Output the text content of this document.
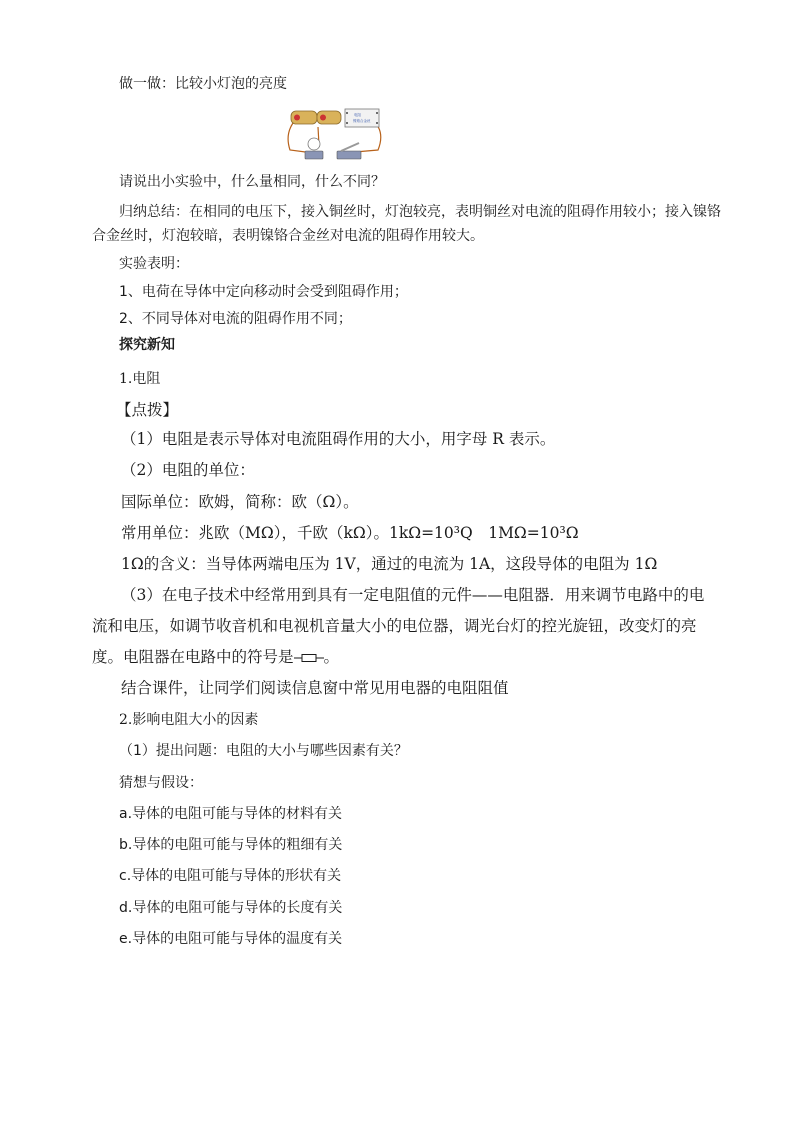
做一做：比较小灯泡的亮度

电阻
镍铬合金丝

请说出小实验中，什么量相同，什么不同？

归纳总结：在相同的电压下，接入铜丝时，灯泡较亮，表明铜丝对电流的阻碍作用较小；接入镍铬合金丝时，灯泡较暗，表明镍铬合金丝对电流的阻碍作用较大。

实验表明：

1、电荷在导体中定向移动时会受到阻碍作用；

2、不同导体对电流的阻碍作用不同；

探究新知

1.电阻

【点拨】

（1）电阻是表示导体对电流阻碍作用的大小，用字母 R 表示。

（2）电阻的单位：

国际单位：欧姆，简称：欧（Ω）。

常用单位：兆欧（MΩ），千欧（kΩ）。1kΩ=10³Q　1MΩ=10³Ω

1Ω的含义：当导体两端电压为 1V，通过的电流为 1A，这段导体的电阻为 1Ω

（3）在电子技术中经常用到具有一定电阻值的元件——电阻器．用来调节电路中的电流和电压，如调节收音机和电视机音量大小的电位器，调光台灯的控光旋钮，改变灯的亮度。电阻器在电路中的符号是 。

结合课件，让同学们阅读信息窗中常见用电器的电阻阻值

2.影响电阻大小的因素

（1）提出问题：电阻的大小与哪些因素有关？

猜想与假设：

a.导体的电阻可能与导体的材料有关

b.导体的电阻可能与导体的粗细有关

c.导体的电阻可能与导体的形状有关

d.导体的电阻可能与导体的长度有关

e.导体的电阻可能与导体的温度有关
